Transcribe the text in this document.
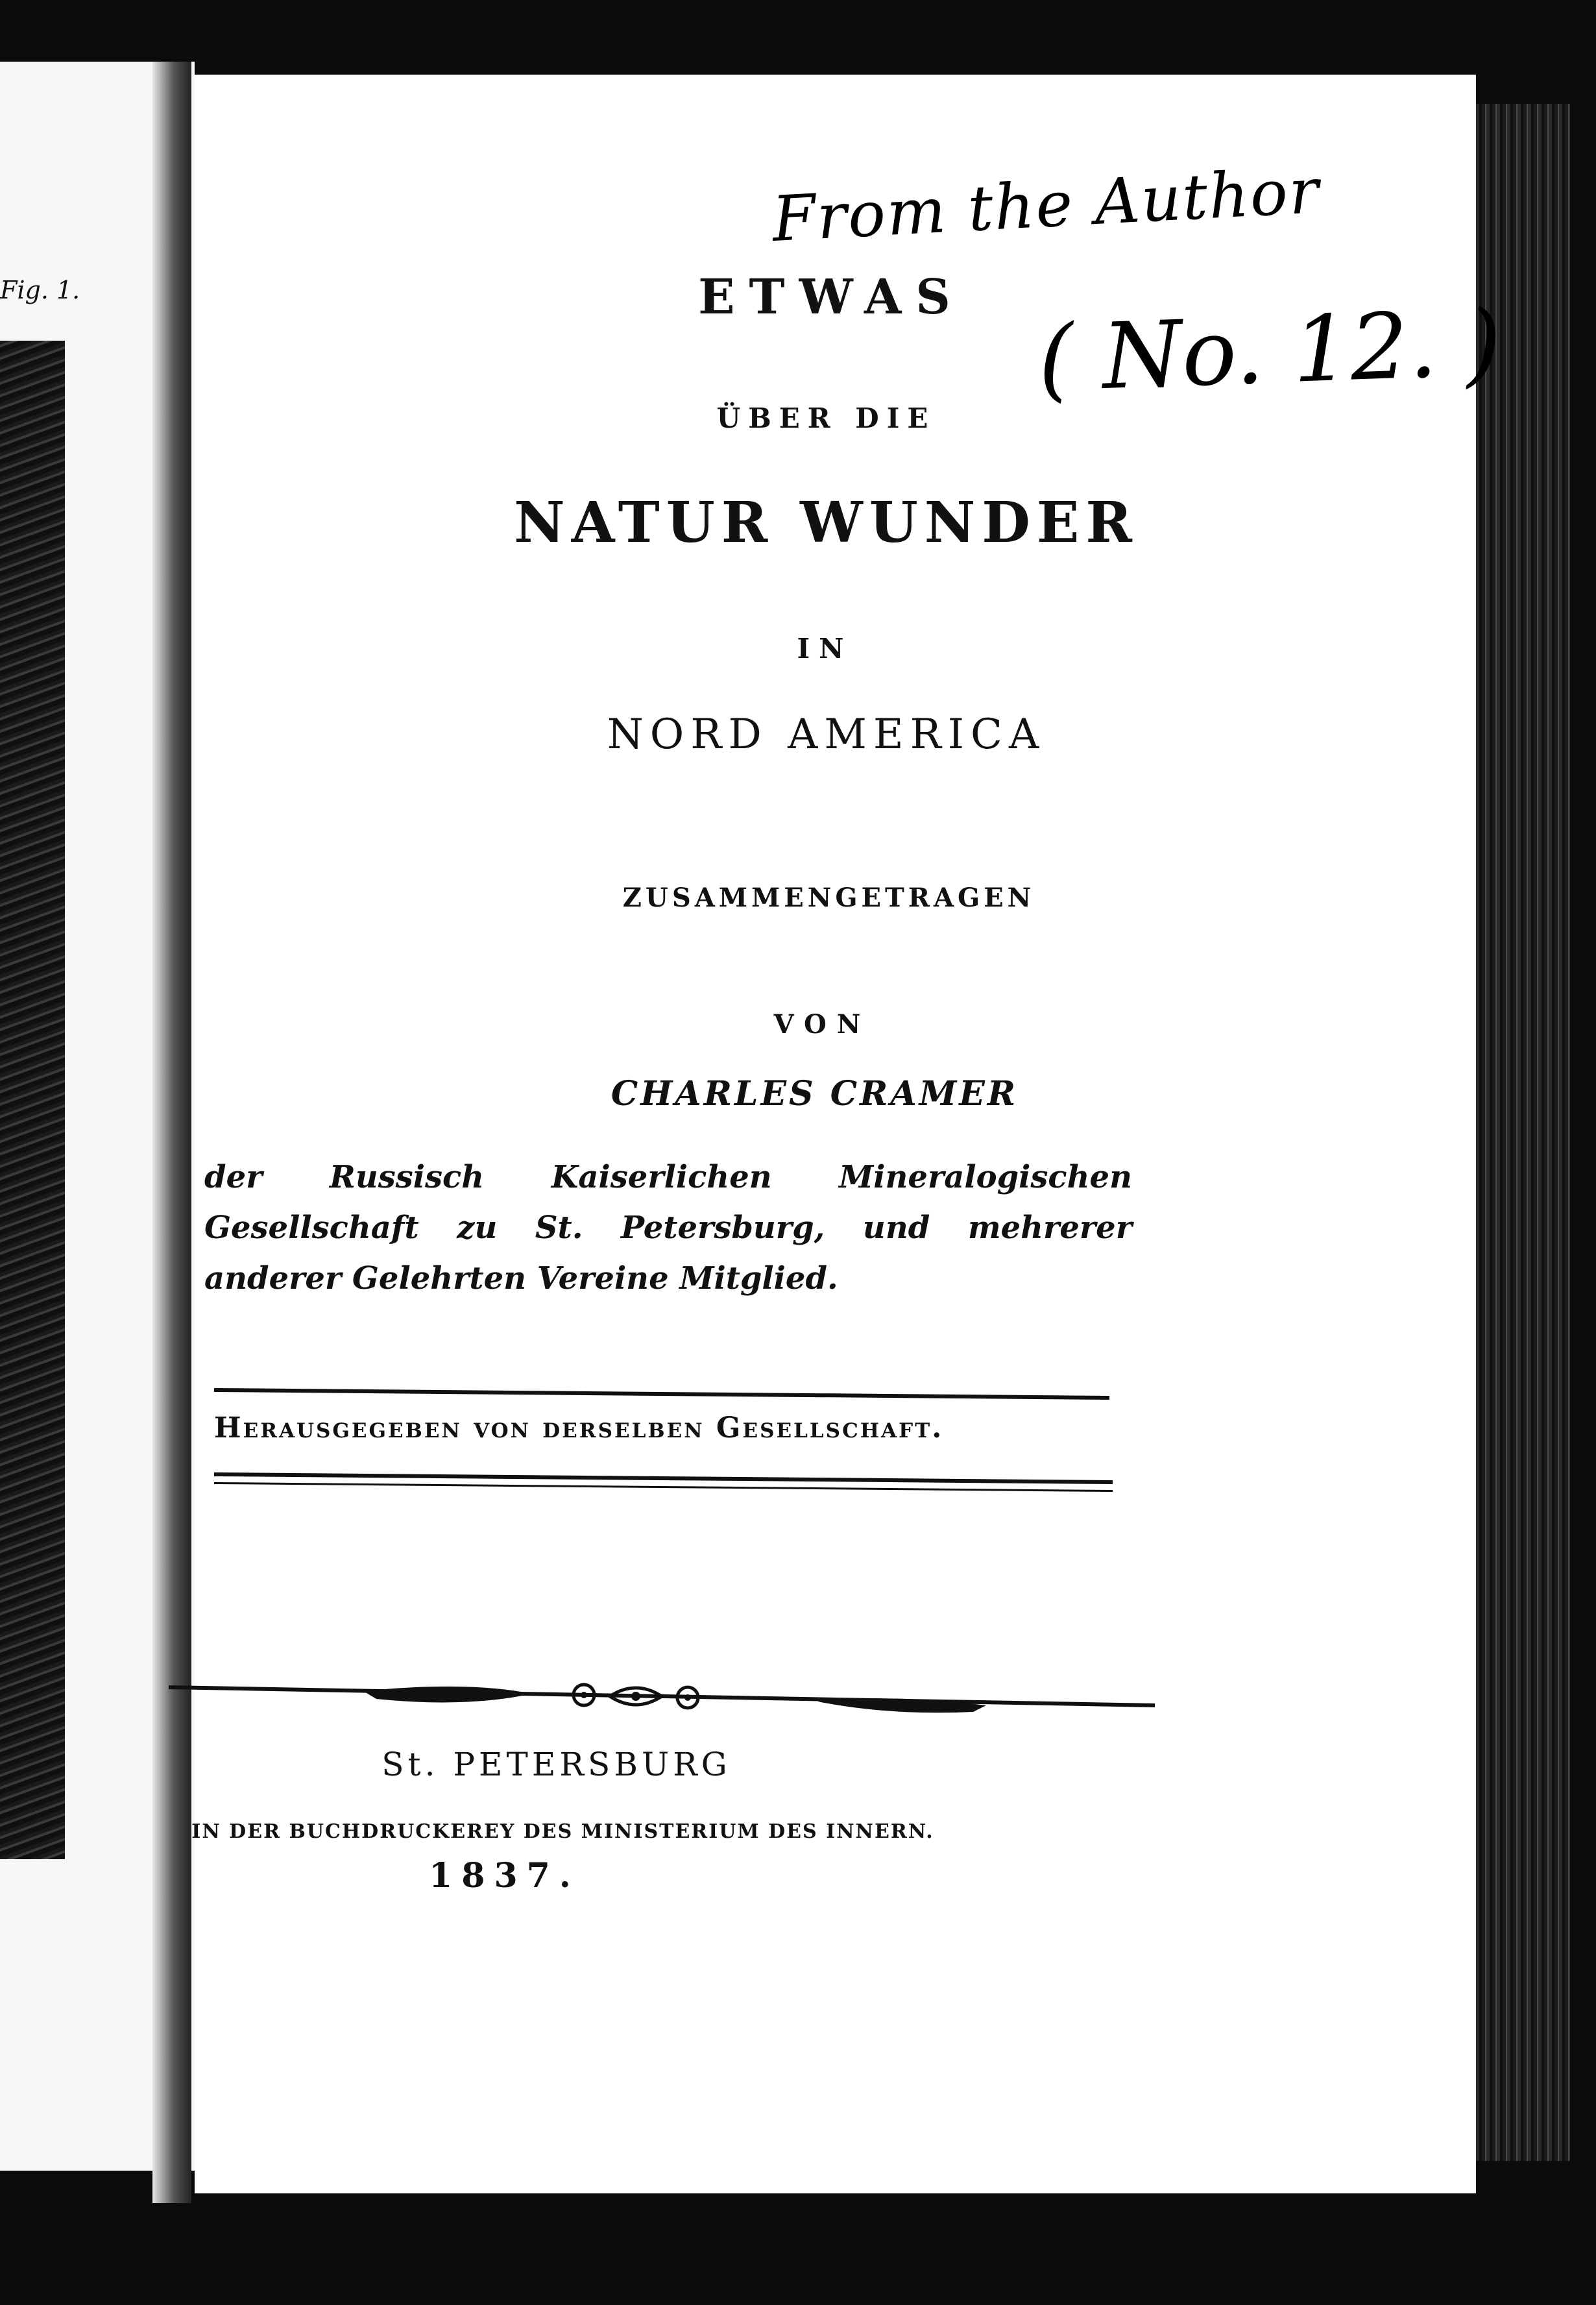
Fig. 1.
From the Author
( No. 12. )
ETWAS
ÜBER DIE
NATUR WUNDER
IN
NORD AMERICA
ZUSAMMENGETRAGEN
VON
CHARLES CRAMER
der Russisch Kaiserlichen Mineralogischen Gesellschaft zu St. Petersburg, und mehrerer anderer Gelehrten Vereine Mitglied.
Herausgegeben von derselben Gesellschaft.
St. PETERSBURG
IN DER BUCHDRUCKEREY DES MINISTERIUM DES INNERN.
1837.
